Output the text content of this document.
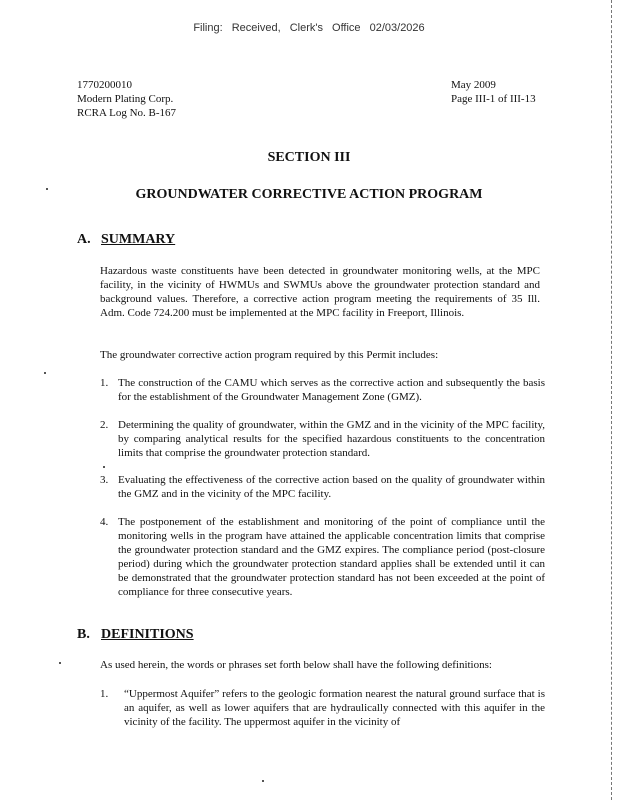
Filing: Received, Clerk's Office 02/03/2026
1770200010
Modern Plating Corp.
RCRA Log No. B-167
May 2009
Page III-1 of III-13
SECTION III
GROUNDWATER CORRECTIVE ACTION PROGRAM
A. SUMMARY

Hazardous waste constituents have been detected in groundwater monitoring wells, at the MPC facility, in the vicinity of HWMUs and SWMUs above the groundwater protection standard and background values. Therefore, a corrective action program meeting the requirements of 35 Ill. Adm. Code 724.200 must be implemented at the MPC facility in Freeport, Illinois.

The groundwater corrective action program required by this Permit includes:

1. The construction of the CAMU which serves as the corrective action and subsequently the basis for the establishment of the Groundwater Management Zone (GMZ).
2. Determining the quality of groundwater, within the GMZ and in the vicinity of the MPC facility, by comparing analytical results for the specified hazardous constituents to the concentration limits that comprise the groundwater protection standard.
3. Evaluating the effectiveness of the corrective action based on the quality of groundwater within the GMZ and in the vicinity of the MPC facility.
4. The postponement of the establishment and monitoring of the point of compliance until the monitoring wells in the program have attained the applicable concentration limits that comprise the groundwater protection standard and the GMZ expires. The compliance period (post-closure period) during which the groundwater protection standard applies shall be extended until it can be demonstrated that the groundwater protection standard has not been exceeded at the point of compliance for three consecutive years.
B. DEFINITIONS

As used herein, the words or phrases set forth below shall have the following definitions:

1.	“Uppermost Aquifer” refers to the geologic formation nearest the natural ground surface that is an aquifer, as well as lower aquifers that are hydraulically connected with this aquifer in the vicinity of the facility. The uppermost aquifer in the vicinity of
